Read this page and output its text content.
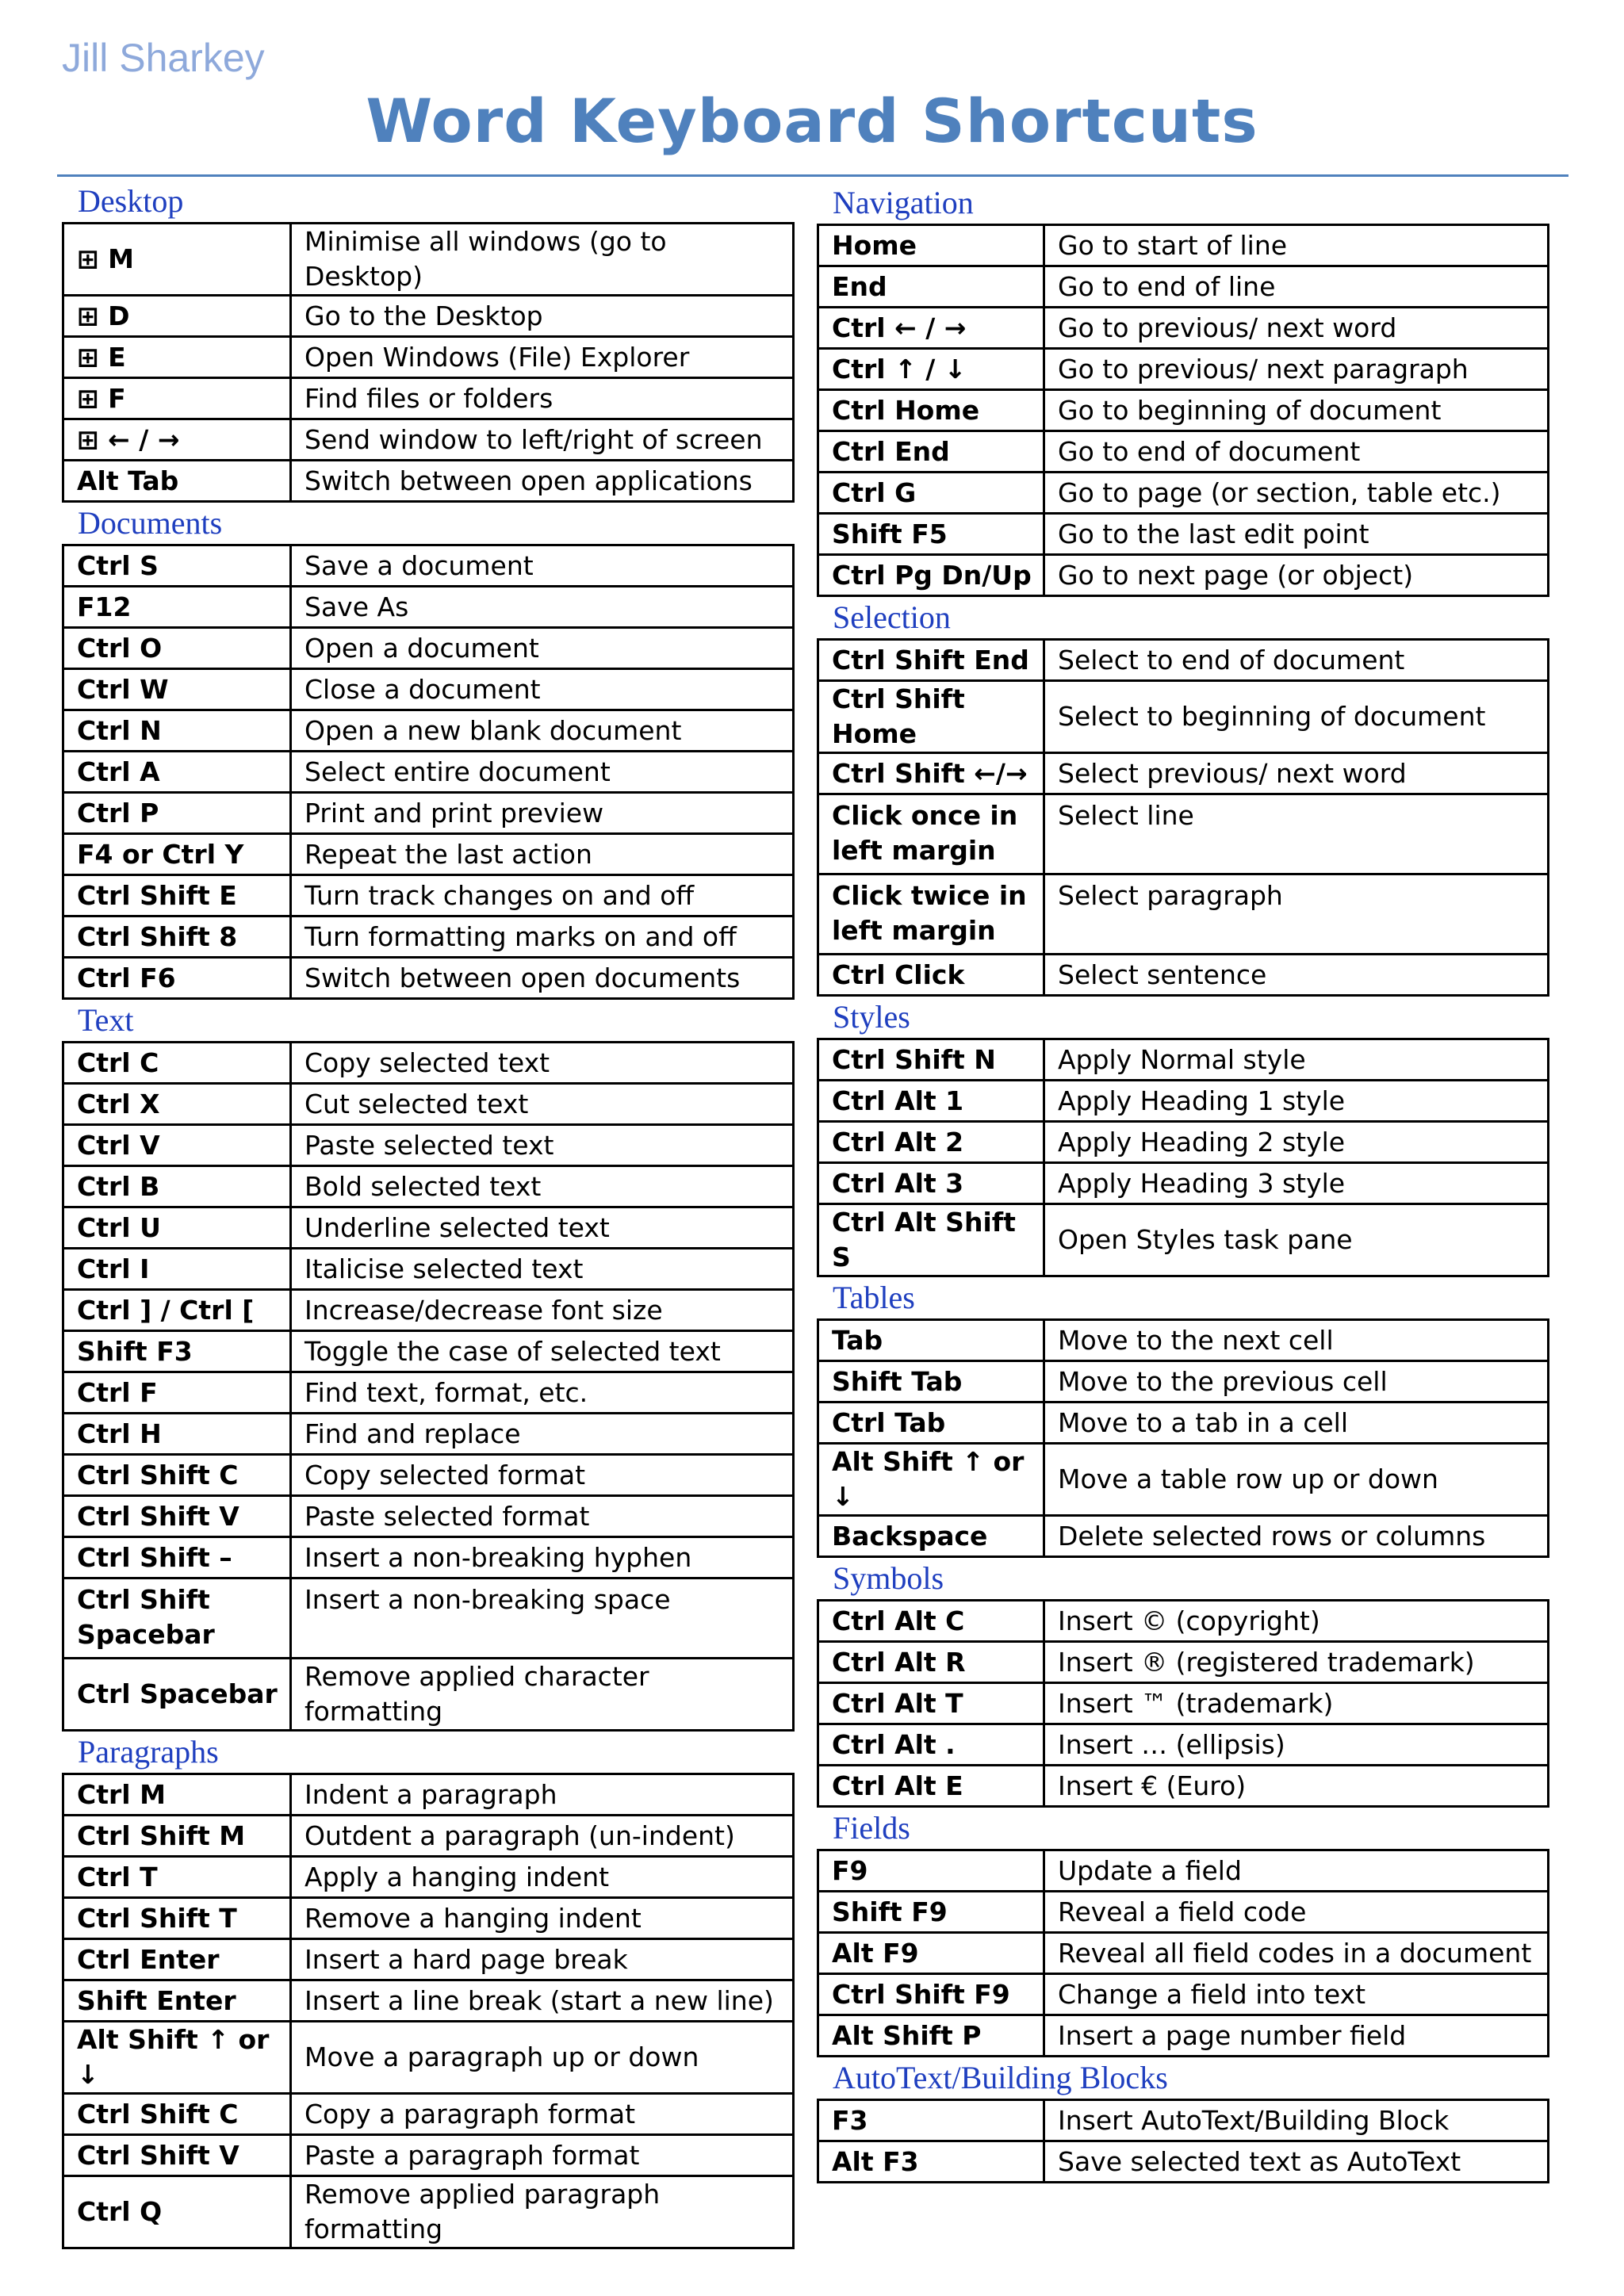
Jill Sharkey
Word Keyboard Shortcuts
Desktop
⊞ M	Minimise all windows (go to Desktop)
⊞ D	Go to the Desktop
⊞ E	Open Windows (File) Explorer
⊞ F	Find files or folders
⊞ ← / →	Send window to left/right of screen
Alt Tab	Switch between open applications
Documents
Ctrl S	Save a document
F12	Save As
Ctrl O	Open a document
Ctrl W	Close a document
Ctrl N	Open a new blank document
Ctrl A	Select entire document
Ctrl P	Print and print preview
F4 or Ctrl Y	Repeat the last action
Ctrl Shift E	Turn track changes on and off
Ctrl Shift 8	Turn formatting marks on and off
Ctrl F6	Switch between open documents
Text
Ctrl C	Copy selected text
Ctrl X	Cut selected text
Ctrl V	Paste selected text
Ctrl B	Bold selected text
Ctrl U	Underline selected text
Ctrl I	Italicise selected text
Ctrl ] / Ctrl [	Increase/decrease font size
Shift F3	Toggle the case of selected text
Ctrl F	Find text, format, etc.
Ctrl H	Find and replace
Ctrl Shift C	Copy selected format
Ctrl Shift V	Paste selected format
Ctrl Shift –	Insert a non-breaking hyphen
Ctrl Shift
Spacebar	Insert a non-breaking space
Ctrl Spacebar	Remove applied character formatting
Paragraphs
Ctrl M	Indent a paragraph
Ctrl Shift M	Outdent a paragraph (un-indent)
Ctrl T	Apply a hanging indent
Ctrl Shift T	Remove a hanging indent
Ctrl Enter	Insert a hard page break
Shift Enter	Insert a line break (start a new line)
Alt Shift ↑ or ↓	Move a paragraph up or down
Ctrl Shift C	Copy a paragraph format
Ctrl Shift V	Paste a paragraph format
Ctrl Q	Remove applied paragraph formatting
Navigation
Home	Go to start of line
End	Go to end of line
Ctrl ← / →	Go to previous/ next word
Ctrl ↑ / ↓	Go to previous/ next paragraph
Ctrl Home	Go to beginning of document
Ctrl End	Go to end of document
Ctrl G	Go to page (or section, table etc.)
Shift F5	Go to the last edit point
Ctrl Pg Dn/Up	Go to next page (or object)
Selection
Ctrl Shift End	Select to end of document
Ctrl Shift Home	Select to beginning of document
Ctrl Shift ←/→	Select previous/ next word
Click once in
left margin	Select line
Click twice in
left margin	Select paragraph
Ctrl Click	Select sentence
Styles
Ctrl Shift N	Apply Normal style
Ctrl Alt 1	Apply Heading 1 style
Ctrl Alt 2	Apply Heading 2 style
Ctrl Alt 3	Apply Heading 3 style
Ctrl Alt Shift S	Open Styles task pane
Tables
Tab	Move to the next cell
Shift Tab	Move to the previous cell
Ctrl Tab	Move to a tab in a cell
Alt Shift ↑ or ↓	Move a table row up or down
Backspace	Delete selected rows or columns
Symbols
Ctrl Alt C	Insert © (copyright)
Ctrl Alt R	Insert ® (registered trademark)
Ctrl Alt T	Insert ™ (trademark)
Ctrl Alt .	Insert … (ellipsis)
Ctrl Alt E	Insert € (Euro)
Fields
F9	Update a field
Shift F9	Reveal a field code
Alt F9	Reveal all field codes in a document
Ctrl Shift F9	Change a field into text
Alt Shift P	Insert a page number field
AutoText/Building Blocks
F3	Insert AutoText/Building Block
Alt F3	Save selected text as AutoText
